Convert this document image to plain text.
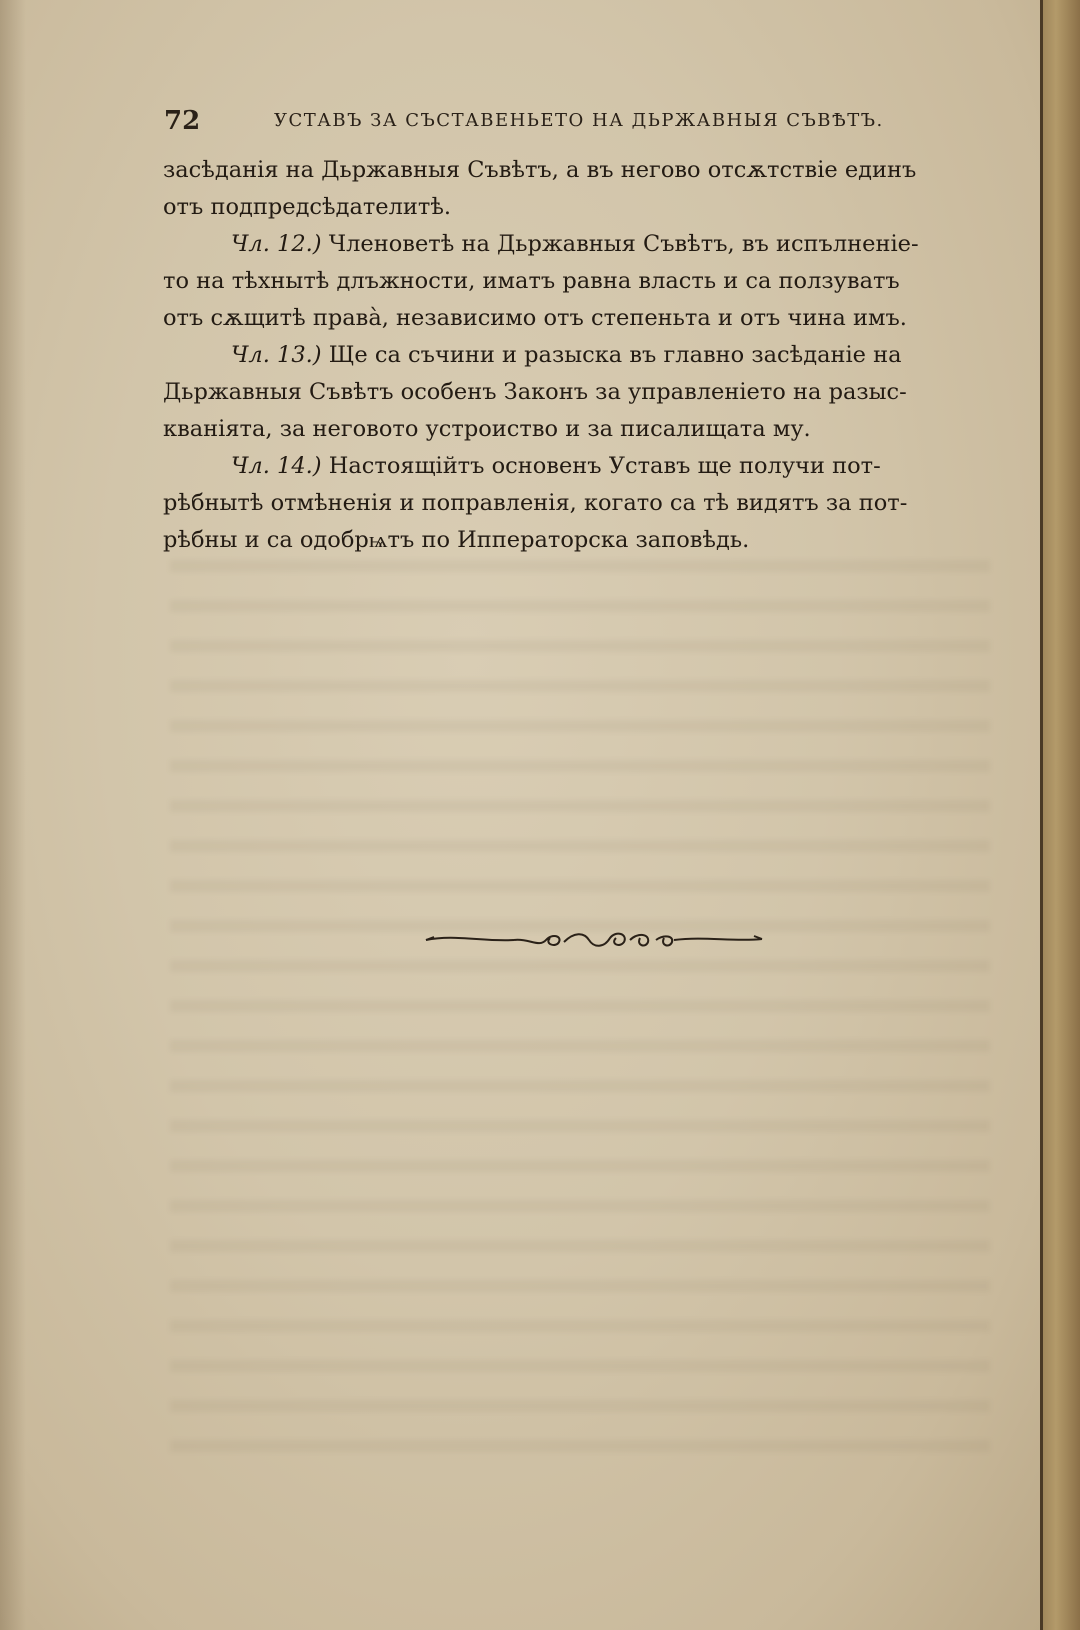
72	УСТАВЪ ЗА СЪСТАВЕНЬЕТО НА ДЬРЖАВНЫЯ СЪВѢТЪ.
засѣданія на Дьржавныя Съвѣтъ, а въ негово отсѫтствіе единъ
отъ подпредсѣдателитѣ.
Чл. 12.) Членоветѣ на Дьржавныя Съвѣтъ, въ испълненіе-
то на тѣхнытѣ длъжности, иматъ равна власть и са ползуватъ
отъ сѫщитѣ права̀, независимо отъ степеньта и отъ чина имъ.
Чл. 13.) Ще са съчини и разыска въ главно засѣданіе на
Дьржавныя Съвѣтъ особенъ Законъ за управленіето на разыс-
кваніята, за неговото устроиство и за писалищата му.
Чл. 14.) Настоящійтъ основенъ Уставъ ще получи пот-
рѣбнытѣ отмѣненія и поправленія, когато са тѣ видятъ за пот-
рѣбны и са одобрѩтъ по Ипператорска заповѣдь.
